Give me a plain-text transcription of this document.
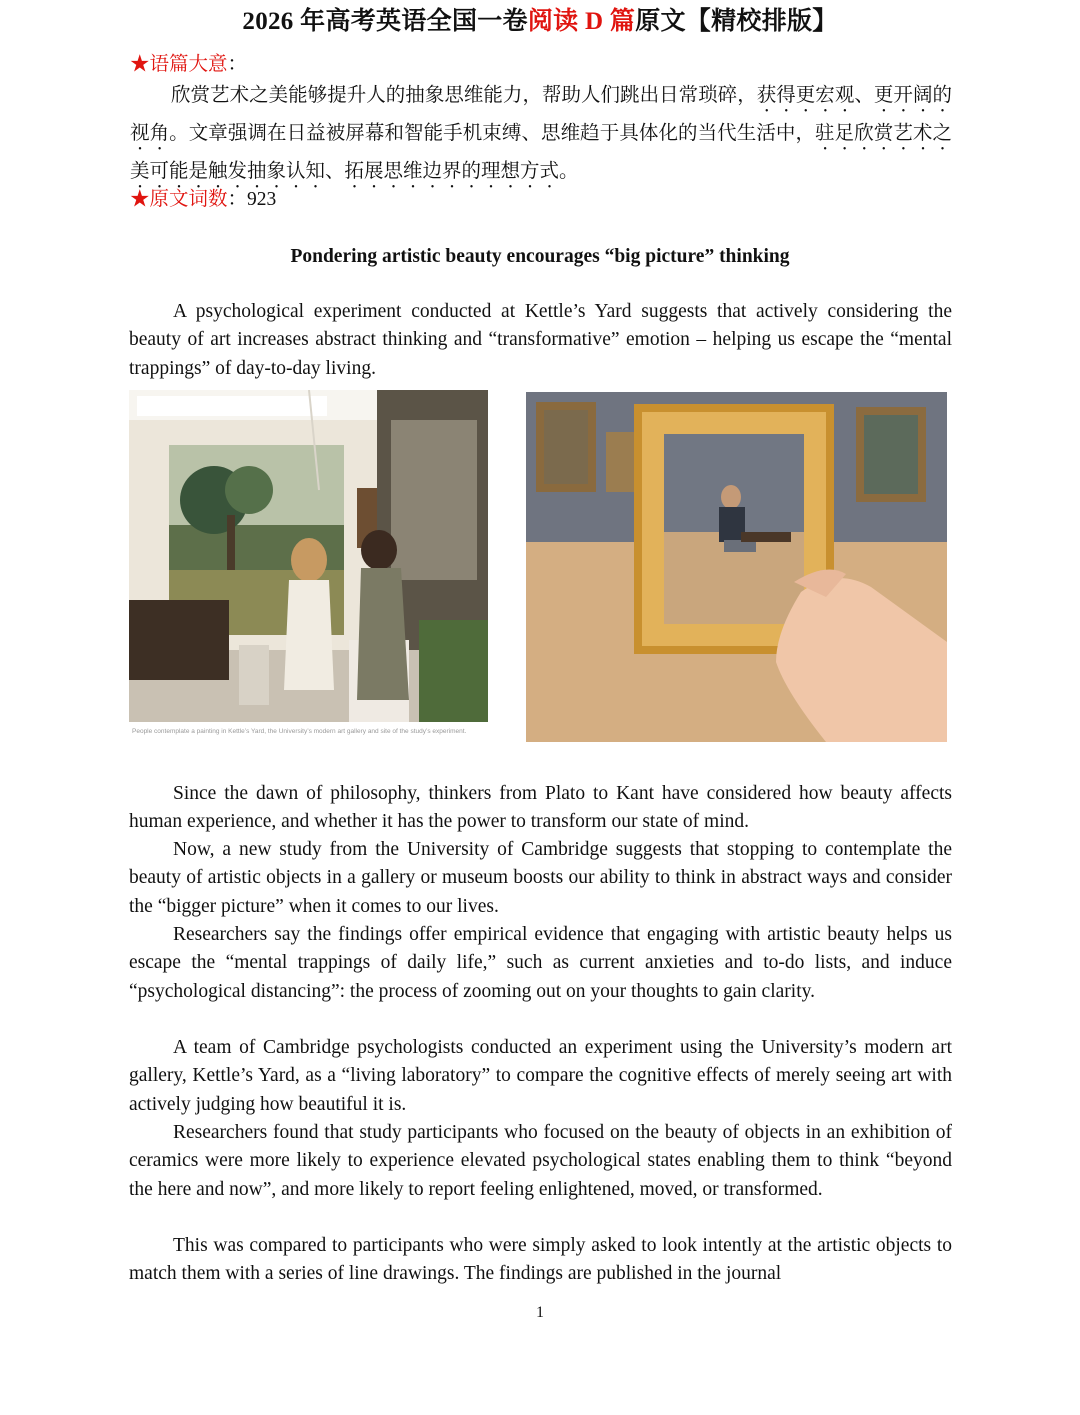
2026 年高考英语全国一卷阅读 D 篇原文【精校排版】
★语篇大意：
欣赏艺术之美能够提升人的抽象思维能力，帮助人们跳出日常琐碎，获得更宏观、更开阔的视角。文章强调在日益被屏幕和智能手机束缚、思维趋于具体化的当代生活中，驻足欣赏艺术之美可能是触发抽象认知、拓展思维边界的理想方式。
★原文词数：923
Pondering artistic beauty encourages “big picture” thinking
A psychological experiment conducted at Kettle’s Yard suggests that actively considering the beauty of art increases abstract thinking and “transformative” emotion – helping us escape the “mental trappings” of day-to-day living.
People contemplate a painting in Kettle’s Yard, the University’s modern art gallery and site of the study’s experiment.
Since the dawn of philosophy, thinkers from Plato to Kant have considered how beauty affects human experience, and whether it has the power to transform our state of mind.
Now, a new study from the University of Cambridge suggests that stopping to contemplate the beauty of artistic objects in a gallery or museum boosts our ability to think in abstract ways and consider the “bigger picture” when it comes to our lives.
Researchers say the findings offer empirical evidence that engaging with artistic beauty helps us escape the “mental trappings of daily life,” such as current anxieties and to-do lists, and induce “psychological distancing”: the process of zooming out on your thoughts to gain clarity.
A team of Cambridge psychologists conducted an experiment using the University’s modern art gallery, Kettle’s Yard, as a “living laboratory” to compare the cognitive effects of merely seeing art with actively judging how beautiful it is.
Researchers found that study participants who focused on the beauty of objects in an exhibition of ceramics were more likely to experience elevated psychological states enabling them to think “beyond the here and now”, and more likely to report feeling enlightened, moved, or transformed.
This was compared to participants who were simply asked to look intently at the artistic objects to match them with a series of line drawings. The findings are published in the journal
1
